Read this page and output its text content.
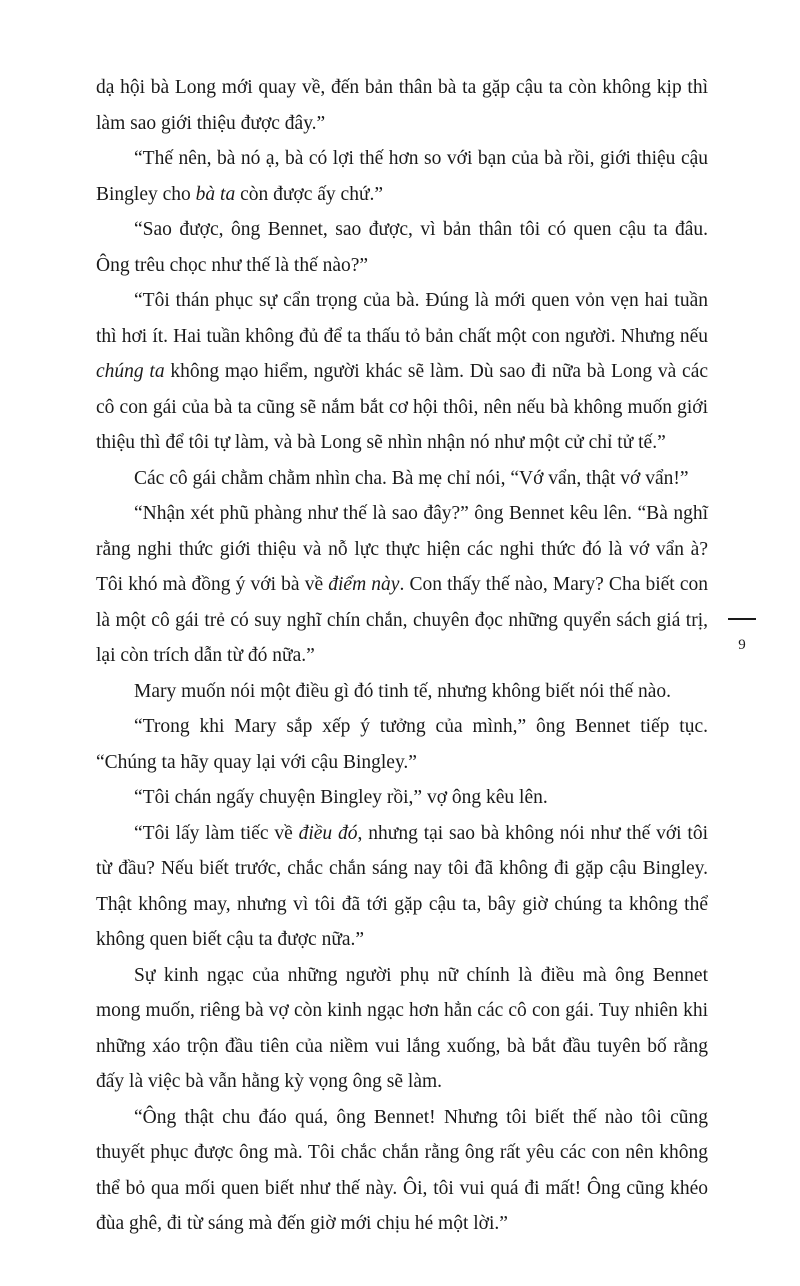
dạ hội bà Long mới quay về, đến bản thân bà ta gặp cậu ta còn không kịp thì làm sao giới thiệu được đây.”

“Thế nên, bà nó ạ, bà có lợi thế hơn so với bạn của bà rồi, giới thiệu cậu Bingley cho bà ta còn được ấy chứ.”

“Sao được, ông Bennet, sao được, vì bản thân tôi có quen cậu ta đâu. Ông trêu chọc như thế là thế nào?”

“Tôi thán phục sự cẩn trọng của bà. Đúng là mới quen vỏn vẹn hai tuần thì hơi ít. Hai tuần không đủ để ta thấu tỏ bản chất một con người. Nhưng nếu chúng ta không mạo hiểm, người khác sẽ làm. Dù sao đi nữa bà Long và các cô con gái của bà ta cũng sẽ nắm bắt cơ hội thôi, nên nếu bà không muốn giới thiệu thì để tôi tự làm, và bà Long sẽ nhìn nhận nó như một cử chỉ tử tế.”

Các cô gái chằm chằm nhìn cha. Bà mẹ chỉ nói, “Vớ vẩn, thật vớ vẩn!”

“Nhận xét phũ phàng như thế là sao đây?” ông Bennet kêu lên. “Bà nghĩ rằng nghi thức giới thiệu và nỗ lực thực hiện các nghi thức đó là vớ vẩn à? Tôi khó mà đồng ý với bà về điểm này. Con thấy thế nào, Mary? Cha biết con là một cô gái trẻ có suy nghĩ chín chắn, chuyên đọc những quyển sách giá trị, lại còn trích dẫn từ đó nữa.”

Mary muốn nói một điều gì đó tinh tế, nhưng không biết nói thế nào.

“Trong khi Mary sắp xếp ý tưởng của mình,” ông Bennet tiếp tục. “Chúng ta hãy quay lại với cậu Bingley.”

“Tôi chán ngấy chuyện Bingley rồi,” vợ ông kêu lên.

“Tôi lấy làm tiếc về điều đó, nhưng tại sao bà không nói như thế với tôi từ đầu? Nếu biết trước, chắc chắn sáng nay tôi đã không đi gặp cậu Bingley. Thật không may, nhưng vì tôi đã tới gặp cậu ta, bây giờ chúng ta không thể không quen biết cậu ta được nữa.”

Sự kinh ngạc của những người phụ nữ chính là điều mà ông Bennet mong muốn, riêng bà vợ còn kinh ngạc hơn hẳn các cô con gái. Tuy nhiên khi những xáo trộn đầu tiên của niềm vui lắng xuống, bà bắt đầu tuyên bố rằng đấy là việc bà vẫn hằng kỳ vọng ông sẽ làm.

“Ông thật chu đáo quá, ông Bennet! Nhưng tôi biết thế nào tôi cũng thuyết phục được ông mà. Tôi chắc chắn rằng ông rất yêu các con nên không thể bỏ qua mối quen biết như thế này. Ôi, tôi vui quá đi mất! Ông cũng khéo đùa ghê, đi từ sáng mà đến giờ mới chịu hé một lời.”

9
